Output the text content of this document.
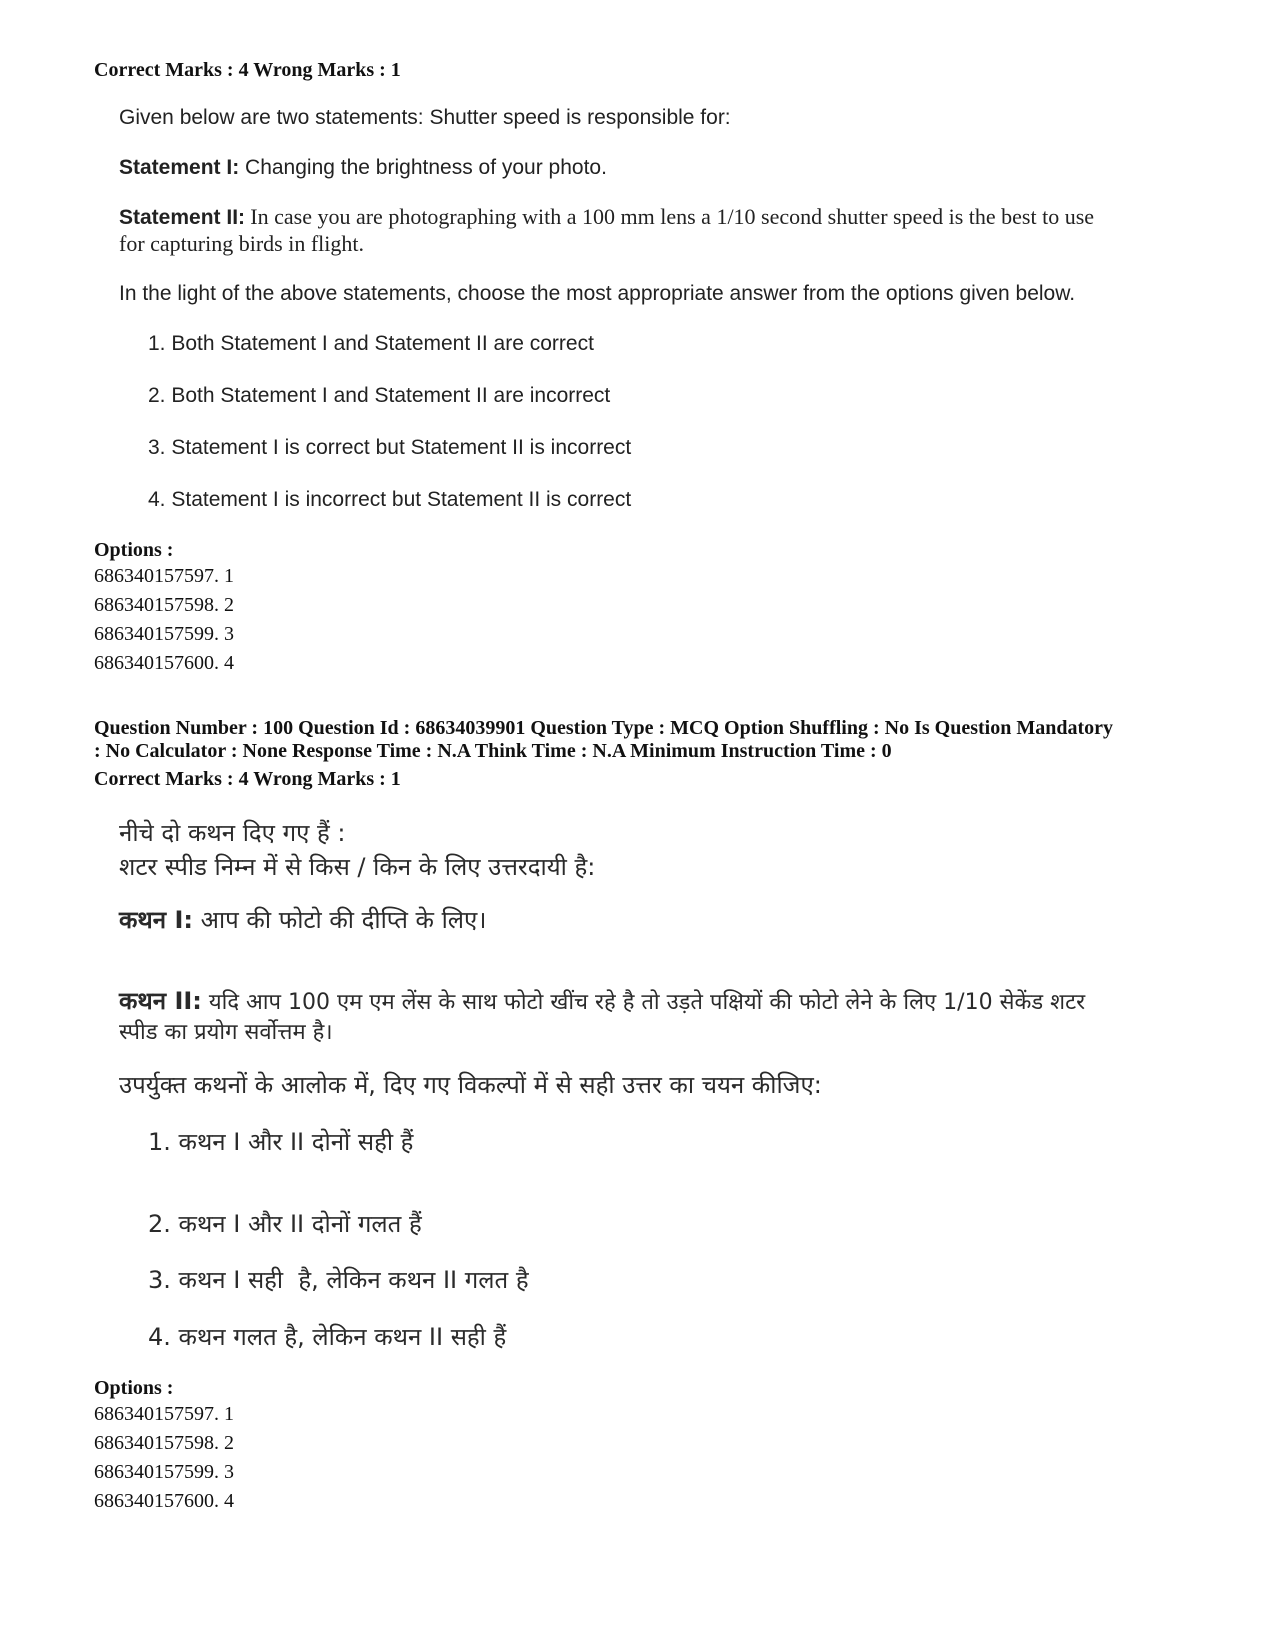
Correct Marks : 4 Wrong Marks : 1
Given below are two statements: Shutter speed is responsible for:
Statement I: Changing the brightness of your photo.
Statement II: In case you are photographing with a 100 mm lens a 1/10 second shutter speed is the best to use
for capturing birds in flight.
In the light of the above statements, choose the most appropriate answer from the options given below.
1. Both Statement I and Statement II are correct
2. Both Statement I and Statement II are incorrect
3. Statement I is correct but Statement II is incorrect
4. Statement I is incorrect but Statement II is correct
Options :
686340157597. 1
686340157598. 2
686340157599. 3
686340157600. 4
Question Number : 100 Question Id : 68634039901 Question Type : MCQ Option Shuffling : No Is Question Mandatory
: No Calculator : None Response Time : N.A Think Time : N.A Minimum Instruction Time : 0
Correct Marks : 4 Wrong Marks : 1
नीचे दो कथन दिए गए हैं :
शटर स्पीड निम्न में से किस / किन के लिए उत्तरदायी है:
कथन I: आप की फोटो की दीप्ति के लिए।
कथन II: यदि आप 100 एम एम लेंस के साथ फोटो खींच रहे है तो उड़ते पक्षियों की फोटो लेने के लिए 1/10 सेकेंड शटर
स्पीड का प्रयोग सर्वोत्तम है।
उपर्युक्त कथनों के आलोक में, दिए गए विकल्पों में से सही उत्तर का चयन कीजिए:
1. कथन I और II दोनों सही हैं
2. कथन I और II दोनों गलत हैं
3. कथन I सही  है, लेकिन कथन II गलत है
4. कथन गलत है, लेकिन कथन II सही हैं
Options :
686340157597. 1
686340157598. 2
686340157599. 3
686340157600. 4
